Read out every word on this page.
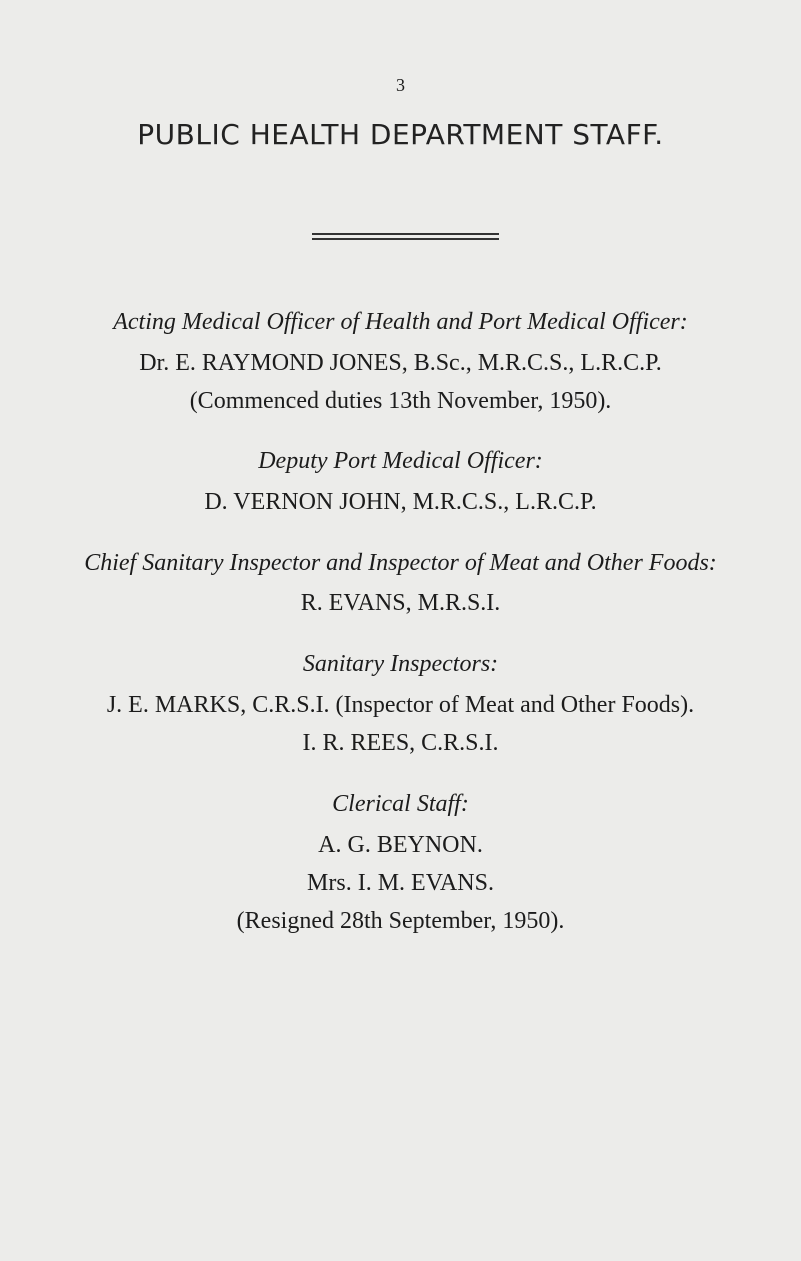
3
PUBLIC HEALTH DEPARTMENT STAFF.
Acting Medical Officer of Health and Port Medical Officer:
Dr. E. RAYMOND JONES, B.Sc., M.R.C.S., L.R.C.P.
(Commenced duties 13th November, 1950).
Deputy Port Medical Officer:
D. VERNON JOHN, M.R.C.S., L.R.C.P.
Chief Sanitary Inspector and Inspector of Meat and Other Foods:
R. EVANS, M.R.S.I.
Sanitary Inspectors:
J. E. MARKS, C.R.S.I. (Inspector of Meat and Other Foods).
I. R. REES, C.R.S.I.
Clerical Staff:
A. G. BEYNON.
Mrs. I. M. EVANS.
(Resigned 28th September, 1950).
